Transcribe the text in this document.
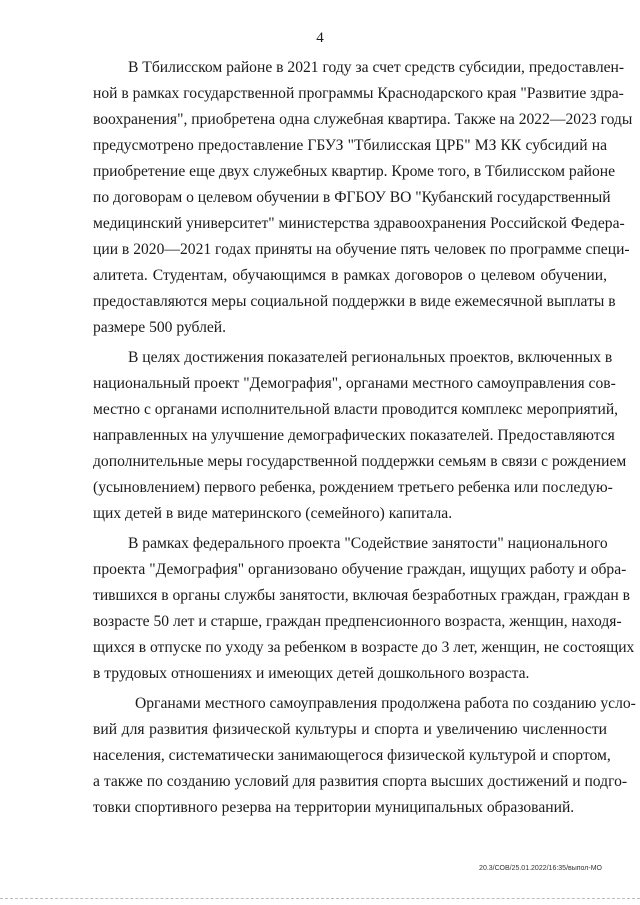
4
В Тбилисском районе в 2021 году за счет средств субсидии, предоставлен-
ной в рамках государственной программы Краснодарского края "Развитие здра-
воохранения", приобретена одна служебная квартира. Также на 2022—2023 годы
предусмотрено предоставление ГБУЗ "Тбилисская ЦРБ" МЗ КК субсидий на
приобретение еще двух служебных квартир. Кроме того, в Тбилисском районе
по договорам о целевом обучении в ФГБОУ ВО "Кубанский государственный
медицинский университет" министерства здравоохранения Российской Федера-
ции в 2020—2021 годах приняты на обучение пять человек по программе специ-
алитета. Студентам, обучающимся в рамках договоров о целевом обучении,
предоставляются меры социальной поддержки в виде ежемесячной выплаты в
размере 500 рублей.
В целях достижения показателей региональных проектов, включенных в
национальный проект "Демография", органами местного самоуправления сов-
местно с органами исполнительной власти проводится комплекс мероприятий,
направленных на улучшение демографических показателей. Предоставляются
дополнительные меры государственной поддержки семьям в связи с рождением
(усыновлением) первого ребенка, рождением третьего ребенка или последую-
щих детей в виде материнского (семейного) капитала.
В рамках федерального проекта "Содействие занятости" национального
проекта "Демография" организовано обучение граждан, ищущих работу и обра-
тившихся в органы службы занятости, включая безработных граждан, граждан в
возрасте 50 лет и старше, граждан предпенсионного возраста, женщин, находя-
щихся в отпуске по уходу за ребенком в возрасте до 3 лет, женщин, не состоящих
в трудовых отношениях и имеющих детей дошкольного возраста.
Органами местного самоуправления продолжена работа по созданию усло-
вий для развития физической культуры и спорта и увеличению численности
населения, систематически занимающегося физической культурой и спортом,
а также по созданию условий для развития спорта высших достижений и подго-
товки спортивного резерва на территории муниципальных образований.
20.3/СОВ/25.01.2022/16:35/выпол-МО
